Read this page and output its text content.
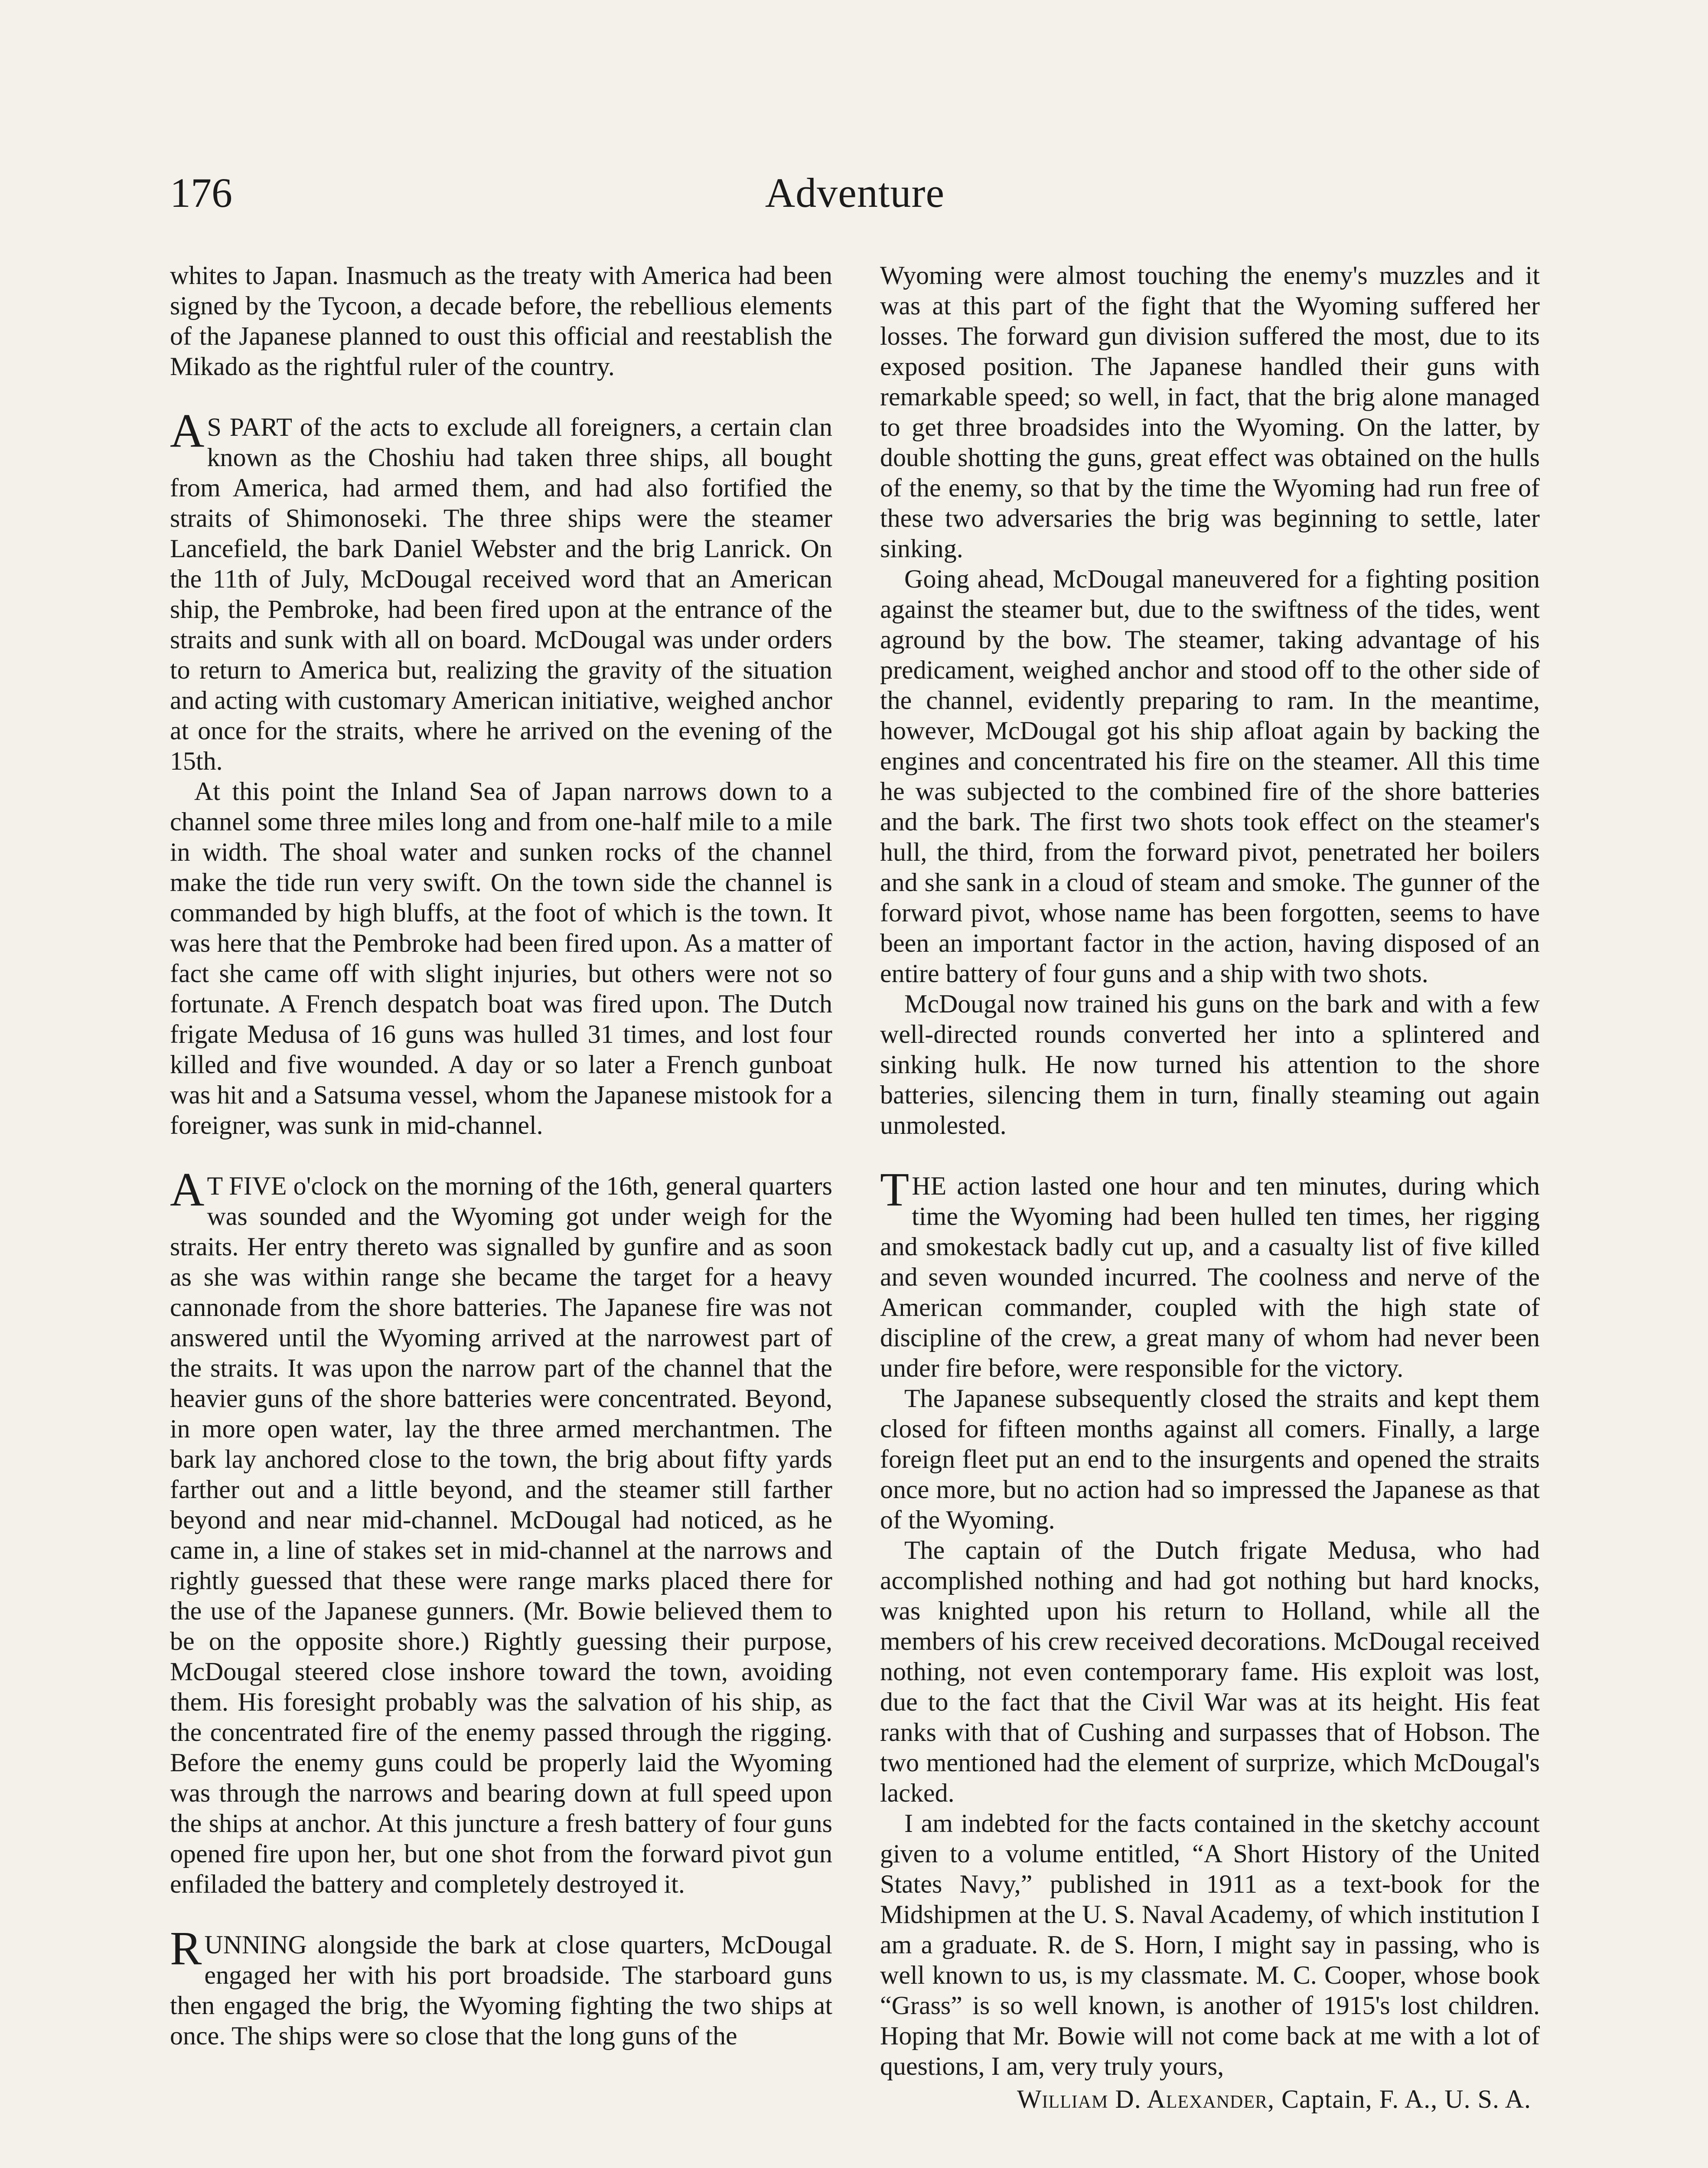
Adventure
176

whites to Japan. Inasmuch as the treaty with America had been signed by the Tycoon, a decade before, the rebellious elements of the Japanese planned to oust this official and reestablish the Mikado as the rightful ruler of the country.

A S PART of the acts to exclude all foreigners, a certain clan known as the Choshiu had taken three ships, all bought from America, had armed them, and had also fortified the straits of Shimonoseki. The three ships were the steamer Lancefield, the bark Daniel Webster and the brig Lanrick. On the 11th of July, McDougal received word that an American ship, the Pembroke, had been fired upon at the entrance of the straits and sunk with all on board. McDougal was under orders to return to America but, realizing the gravity of the situation and acting with customary American initiative, weighed anchor at once for the straits, where he arrived on the evening of the 15th.

At this point the Inland Sea of Japan narrows down to a channel some three miles long and from one-half mile to a mile in width. The shoal water and sunken rocks of the channel make the tide run very swift. On the town side the channel is commanded by high bluffs, at the foot of which is the town. It was here that the Pembroke had been fired upon. As a matter of fact she came off with slight injuries, but others were not so fortunate. A French despatch boat was fired upon. The Dutch frigate Medusa of 16 guns was hulled 31 times, and lost four killed and five wounded. A day or so later a French gunboat was hit and a Satsuma vessel, whom the Japanese mistook for a foreigner, was sunk in mid-channel.

A T FIVE o'clock on the morning of the 16th, general quarters was sounded and the Wyoming got under weigh for the straits. Her entry thereto was signalled by gunfire and as soon as she was within range she became the target for a heavy cannonade from the shore batteries. The Japanese fire was not answered until the Wyoming arrived at the narrowest part of the straits. It was upon the narrow part of the channel that the heavier guns of the shore batteries were concentrated. Beyond, in more open water, lay the three armed merchantmen. The bark lay anchored close to the town, the brig about fifty yards farther out and a little beyond, and the steamer still farther beyond and near mid-channel. McDougal had noticed, as he came in, a line of stakes set in mid-channel at the narrows and rightly guessed that these were range marks placed there for the use of the Japanese gunners. (Mr. Bowie believed them to be on the opposite shore.) Rightly guessing their purpose, McDougal steered close inshore toward the town, avoiding them. His foresight probably was the salvation of his ship, as the concentrated fire of the enemy passed through the rigging. Before the enemy guns could be properly laid the Wyoming was through the narrows and bearing down at full speed upon the ships at anchor. At this juncture a fresh battery of four guns opened fire upon her, but one shot from the forward pivot gun enfiladed the battery and completely destroyed it.

RUNNING alongside the bark at close quarters, McDougal engaged her with his port broadside. The starboard guns then engaged the brig, the Wyoming fighting the two ships at once. The ships were so close that the long guns of the

Wyoming were almost touching the enemy's muzzles and it was at this part of the fight that the Wyoming suffered her losses. The forward gun division suffered the most, due to its exposed position. The Japanese handled their guns with remarkable speed; so well, in fact, that the brig alone managed to get three broadsides into the Wyoming. On the latter, by double shotting the guns, great effect was obtained on the hulls of the enemy, so that by the time the Wyoming had run free of these two adversaries the brig was beginning to settle, later sinking.

Going ahead, McDougal maneuvered for a fighting position against the steamer but, due to the swiftness of the tides, went aground by the bow. The steamer, taking advantage of his predicament, weighed anchor and stood off to the other side of the channel, evidently preparing to ram. In the meantime, however, McDougal got his ship afloat again by backing the engines and concentrated his fire on the steamer. All this time he was subjected to the combined fire of the shore batteries and the bark. The first two shots took effect on the steamer's hull, the third, from the forward pivot, penetrated her boilers and she sank in a cloud of steam and smoke. The gunner of the forward pivot, whose name has been forgotten, seems to have been an important factor in the action, having disposed of an entire battery of four guns and a ship with two shots.

McDougal now trained his guns on the bark and with a few well-directed rounds converted her into a splintered and sinking hulk. He now turned his attention to the shore batteries, silencing them in turn, finally steaming out again unmolested.

THE action lasted one hour and ten minutes, during which time the Wyoming had been hulled ten times, her rigging and smokestack badly cut up, and a casualty list of five killed and seven wounded incurred. The coolness and nerve of the American commander, coupled with the high state of discipline of the crew, a great many of whom had never been under fire before, were responsible for the victory.

The Japanese subsequently closed the straits and kept them closed for fifteen months against all comers. Finally, a large foreign fleet put an end to the insurgents and opened the straits once more, but no action had so impressed the Japanese as that of the Wyoming.

The captain of the Dutch frigate Medusa, who had accomplished nothing and had got nothing but hard knocks, was knighted upon his return to Holland, while all the members of his crew received decorations. McDougal received nothing, not even contemporary fame. His exploit was lost, due to the fact that the Civil War was at its height. His feat ranks with that of Cushing and surpasses that of Hobson. The two mentioned had the element of surprize, which McDougal's lacked.

I am indebted for the facts contained in the sketchy account given to a volume entitled, “A Short History of the United States Navy,” published in 1911 as a text-book for the Midshipmen at the U. S. Naval Academy, of which institution I am a graduate. R. de S. Horn, I might say in passing, who is well known to us, is my classmate. M. C. Cooper, whose book “Grass” is so well known, is another of 1915's lost children. Hoping that Mr. Bowie will not come back at me with a lot of questions, I am, very truly yours,

William D. Alexander, Captain, F. A., U. S. A.
